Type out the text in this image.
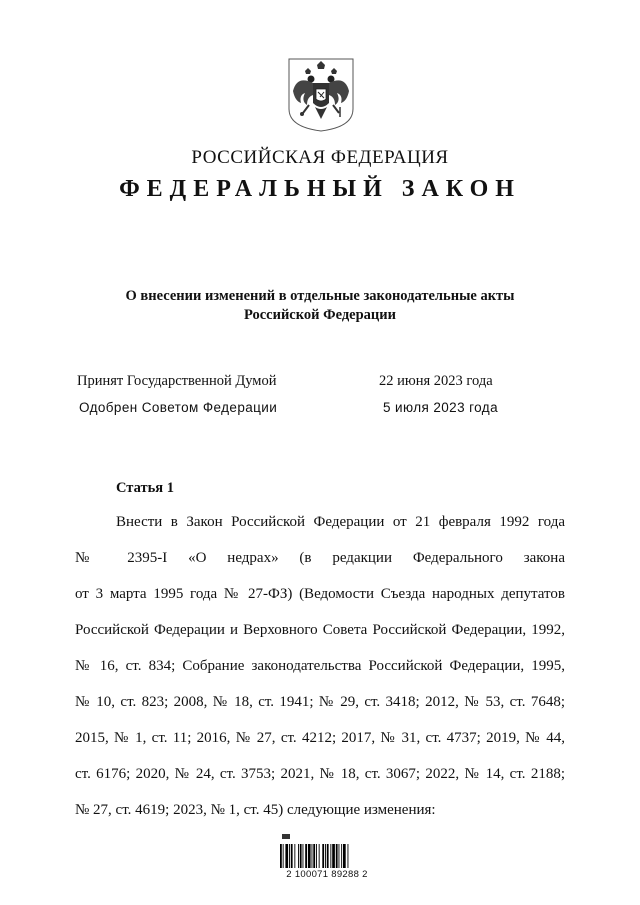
РОССИЙСКАЯ ФЕДЕРАЦИЯ
ФЕДЕРАЛЬНЫЙ ЗАКОН
О внесении изменений в отдельные законодательные акты
Российской Федерации
Принят Государственной Думой	22 июня 2023 года
Одобрен Советом Федерации	5 июля 2023 года
Статья 1
Внести в Закон Российской Федерации от 21 февраля 1992 года
№ 2395-I «О недрах» (в редакции Федерального закона
от 3 марта 1995 года № 27-ФЗ) (Ведомости Съезда народных депутатов
Российской Федерации и Верховного Совета Российской Федерации, 1992,
№ 16, ст. 834; Собрание законодательства Российской Федерации, 1995,
№ 10, ст. 823; 2008, № 18, ст. 1941; № 29, ст. 3418; 2012, № 53, ст. 7648;
2015, № 1, ст. 11; 2016, № 27, ст. 4212; 2017, № 31, ст. 4737; 2019, № 44,
ст. 6176; 2020, № 24, ст. 3753; 2021, № 18, ст. 3067; 2022, № 14, ст. 2188;
№ 27, ст. 4619; 2023, № 1, ст. 45) следующие изменения:
2 100071 89288 2
